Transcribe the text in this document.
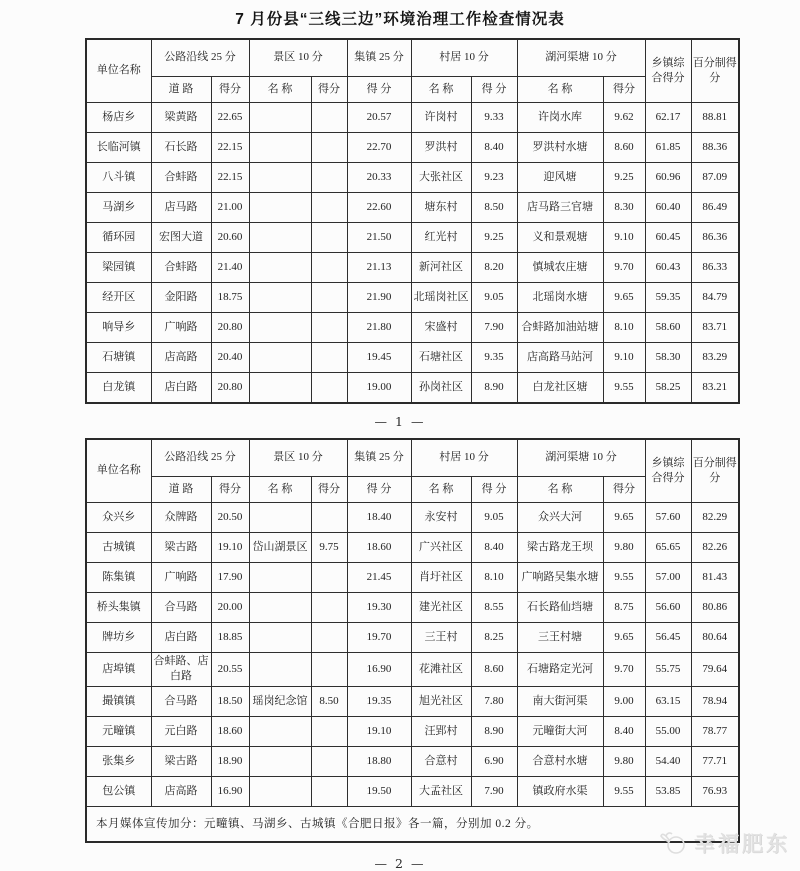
7 月份县“三线三边”环境治理工作检查情况表
单位名称	公路沿线 25 分		景区 10 分		集镇 25 分	村居 10 分		湖河渠塘 10 分		乡镇综合得分	百分制得分
	道 路	得分	名 称	得分	得 分	名 称	得 分	名 称	得分		
杨店乡	梁黄路	22.65			20.57	许岗村	9.33	许岗水库	9.62	62.17	88.81
长临河镇	石长路	22.15			22.70	罗洪村	8.40	罗洪村水塘	8.60	61.85	88.36
八斗镇	合蚌路	22.15			20.33	大张社区	9.23	迎风塘	9.25	60.96	87.09
马湖乡	店马路	21.00			22.60	塘东村	8.50	店马路三官塘	8.30	60.40	86.49
循环园	宏图大道	20.60			21.50	红光村	9.25	义和景观塘	9.10	60.45	86.36
梁园镇	合蚌路	21.40			21.13	新河社区	8.20	慎城农庄塘	9.70	60.43	86.33
经开区	金阳路	18.75			21.90	北瑶岗社区	9.05	北瑶岗水塘	9.65	59.35	84.79
响导乡	广响路	20.80			21.80	宋盛村	7.90	合蚌路加油站塘	8.10	58.60	83.71
石塘镇	店高路	20.40			19.45	石塘社区	9.35	店高路马站河	9.10	58.30	83.29
白龙镇	店白路	20.80			19.00	孙岗社区	8.90	白龙社区塘	9.55	58.25	83.21
— 1 —
单位名称	公路沿线 25 分		景区 10 分		集镇 25 分	村居 10 分		湖河渠塘 10 分		乡镇综合得分	百分制得分
	道 路	得分	名 称	得分	得 分	名 称	得 分	名 称	得分		
众兴乡	众牌路	20.50			18.40	永安村	9.05	众兴大河	9.65	57.60	82.29
古城镇	梁古路	19.10	岱山湖景区	9.75	18.60	广兴社区	8.40	梁古路龙王坝	9.80	65.65	82.26
陈集镇	广响路	17.90			21.45	肖圩社区	8.10	广响路吴集水塘	9.55	57.00	81.43
桥头集镇	合马路	20.00			19.30	建光社区	8.55	石长路仙垱塘	8.75	56.60	80.86
牌坊乡	店白路	18.85			19.70	三王村	8.25	三王村塘	9.65	56.45	80.64
店埠镇	合蚌路、店白路	20.55			16.90	花滩社区	8.60	石塘路定光河	9.70	55.75	79.64
撮镇镇	合马路	18.50	瑶岗纪念馆	8.50	19.35	旭光社区	7.80	南大街河渠	9.00	63.15	78.94
元疃镇	元白路	18.60			19.10	汪郢村	8.90	元疃街大河	8.40	55.00	78.77
张集乡	梁古路	18.90			18.80	合意村	6.90	合意村水塘	9.80	54.40	77.71
包公镇	店高路	16.90			19.50	大孟社区	7.90	镇政府水渠	9.55	53.85	76.93
本月媒体宣传加分：元疃镇、马湖乡、古城镇《合肥日报》各一篇，分别加 0.2 分。											
— 2 —
幸福肥东
